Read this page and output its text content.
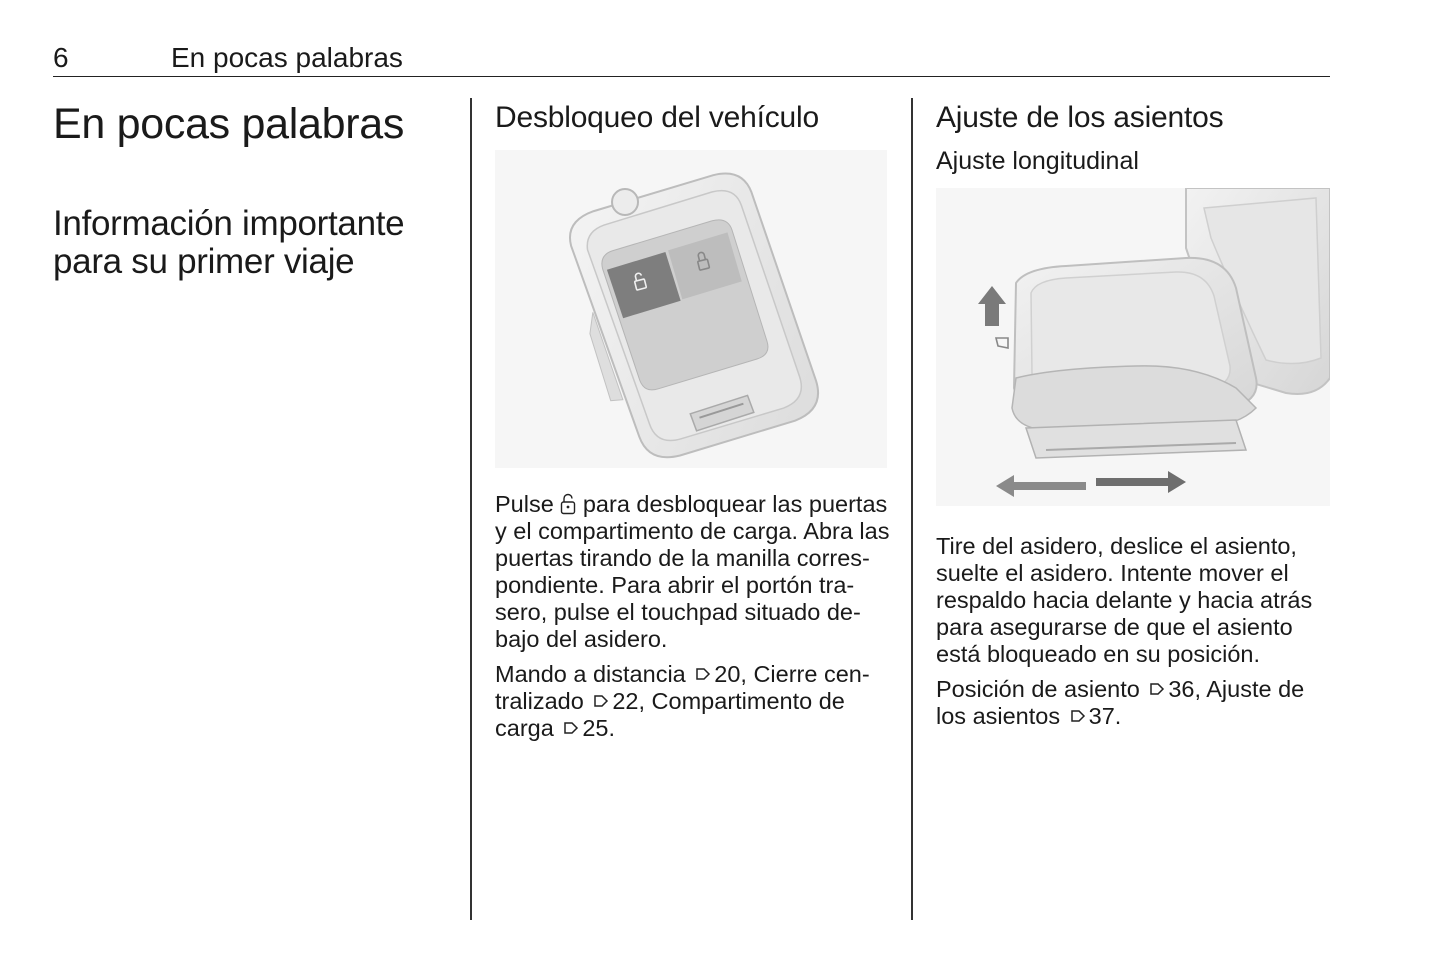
6	En pocas palabras
En pocas palabras
Información importante
para su primer viaje
Desbloqueo del vehículo

Pulse para desbloquear las puertas
y el compartimento de carga. Abra las
puertas tirando de la manilla corres-
pondiente. Para abrir el portón tra-
sero, pulse el touchpad situado de-
bajo del asidero.

Mando a distancia 20, Cierre cen-
tralizado 22, Compartimento de
carga 25.

Ajuste de los asientos
Ajuste longitudinal

Tire del asidero, deslice el asiento,
suelte el asidero. Intente mover el
respaldo hacia delante y hacia atrás
para asegurarse de que el asiento
está bloqueado en su posición.

Posición de asiento 36, Ajuste de
los asientos 37.
